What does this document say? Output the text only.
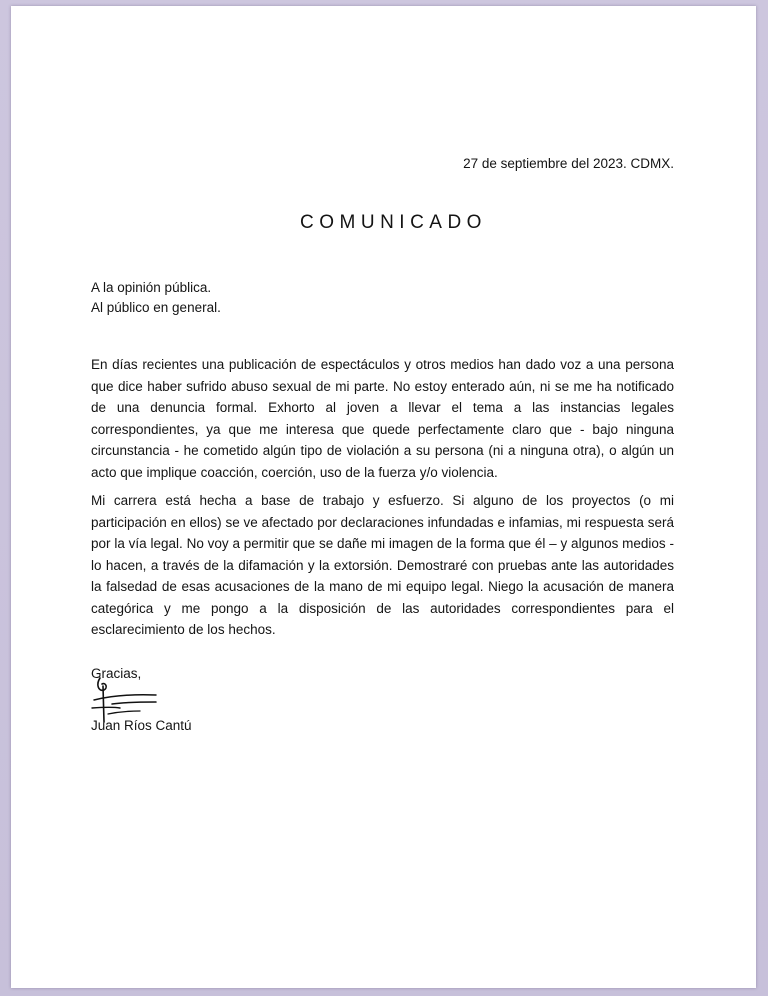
27 de septiembre del 2023. CDMX.
COMUNICADO
A la opinión pública.
Al público en general.

En días recientes una publicación de espectáculos y otros medios han dado voz a una persona que dice haber sufrido abuso sexual de mi parte. No estoy enterado aún, ni se me ha notificado de una denuncia formal. Exhorto al joven a llevar el tema a las instancias legales correspondientes, ya que me interesa que quede perfectamente claro que - bajo ninguna circunstancia - he cometido algún tipo de violación a su persona (ni a ninguna otra), o algún un acto que implique coacción, coerción, uso de la fuerza y/o violencia.

Mi carrera está hecha a base de trabajo y esfuerzo. Si alguno de los proyectos (o mi participación en ellos) se ve afectado por declaraciones infundadas e infamias, mi respuesta será por la vía legal. No voy a permitir que se dañe mi imagen de la forma que él – y algunos medios - lo hacen, a través de la difamación y la extorsión. Demostraré con pruebas ante las autoridades la falsedad de esas acusaciones de la mano de mi equipo legal. Niego la acusación de manera categórica y me pongo a la disposición de las autoridades correspondientes para el esclarecimiento de los hechos.

Gracias,
Juan Ríos Cantú
